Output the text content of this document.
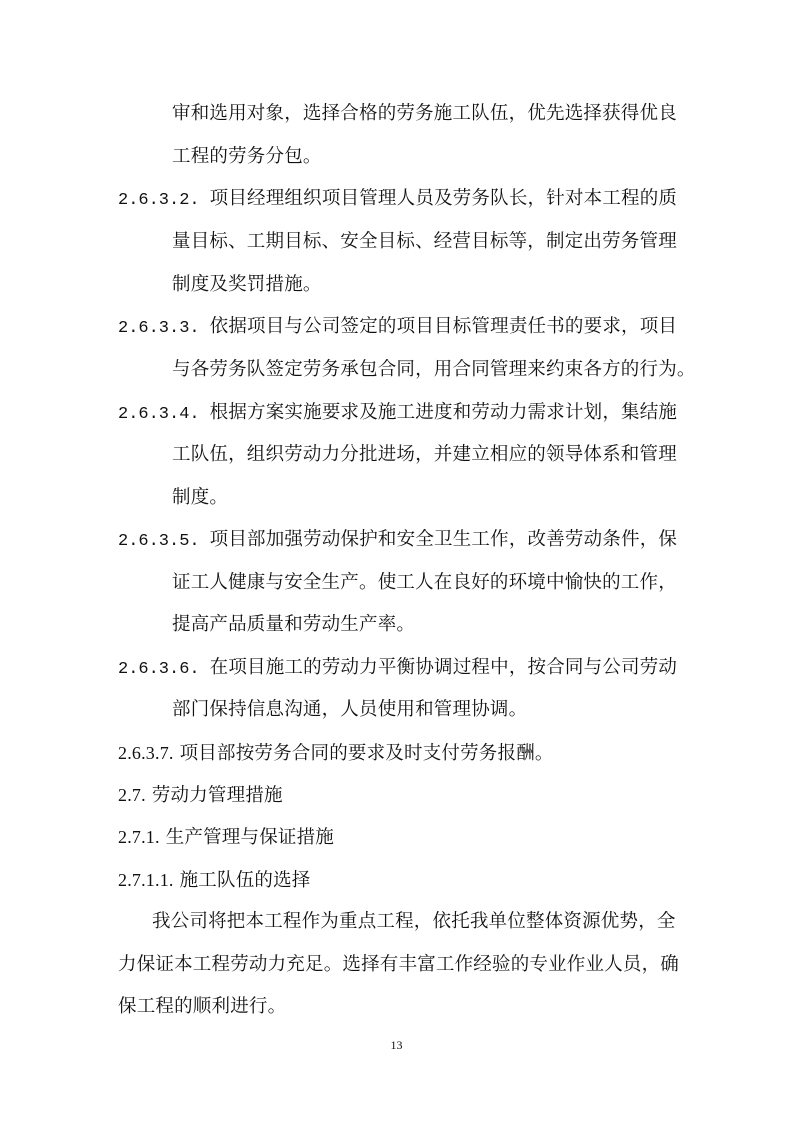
审和选用对象，选择合格的劳务施工队伍，优先选择获得优良
工程的劳务分包。
2.6.3.2. 项目经理组织项目管理人员及劳务队长，针对本工程的质
量目标、工期目标、安全目标、经营目标等，制定出劳务管理
制度及奖罚措施。
2.6.3.3. 依据项目与公司签定的项目目标管理责任书的要求，项目
与各劳务队签定劳务承包合同，用合同管理来约束各方的行为。
2.6.3.4. 根据方案实施要求及施工进度和劳动力需求计划，集结施
工队伍，组织劳动力分批进场，并建立相应的领导体系和管理
制度。
2.6.3.5. 项目部加强劳动保护和安全卫生工作，改善劳动条件，保
证工人健康与安全生产。使工人在良好的环境中愉快的工作，
提高产品质量和劳动生产率。
2.6.3.6. 在项目施工的劳动力平衡协调过程中，按合同与公司劳动
部门保持信息沟通，人员使用和管理协调。
2.6.3.7. 项目部按劳务合同的要求及时支付劳务报酬。
2.7. 劳动力管理措施
2.7.1. 生产管理与保证措施
2.7.1.1. 施工队伍的选择
我公司将把本工程作为重点工程，依托我单位整体资源优势，全
力保证本工程劳动力充足。选择有丰富工作经验的专业作业人员，确
保工程的顺利进行。
13
